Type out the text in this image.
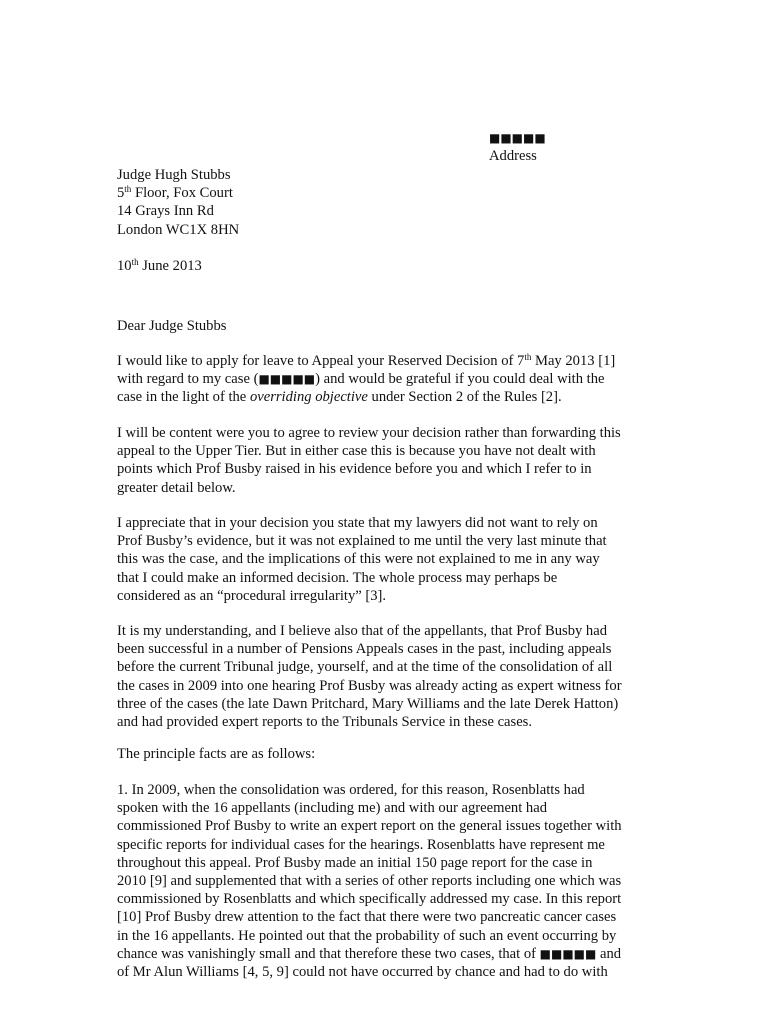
■■■■■
Address

Judge Hugh Stubbs

5th Floor, Fox Court

14 Grays Inn Rd

London WC1X 8HN

10th June 2013

Dear Judge Stubbs

I would like to apply for leave to Appeal your Reserved Decision of 7th May 2013 [1]

with regard to my case (■■■■■) and would be grateful if you could deal with the

case in the light of the overriding objective under Section 2 of the Rules [2].

I will be content were you to agree to review your decision rather than forwarding this

appeal to the Upper Tier. But in either case this is because you have not dealt with

points which Prof Busby raised in his evidence before you and which I refer to in

greater detail below.

I appreciate that in your decision you state that my lawyers did not want to rely on

Prof Busby’s evidence, but it was not explained to me until the very last minute that

this was the case, and the implications of this were not explained to me in any way

that I could make an informed decision. The whole process may perhaps be

considered as an “procedural irregularity” [3].

It is my understanding, and I believe also that of the appellants, that Prof Busby had

been successful in a number of Pensions Appeals cases in the past, including appeals

before the current Tribunal judge, yourself, and at the time of the consolidation of all

the cases in 2009 into one hearing Prof Busby was already acting as expert witness for

three of the cases (the late Dawn Pritchard, Mary Williams and the late Derek Hatton)

and had provided expert reports to the Tribunals Service in these cases.

The principle facts are as follows:

1. In 2009, when the consolidation was ordered, for this reason, Rosenblatts had

spoken with the 16 appellants (including me) and with our agreement had

commissioned Prof Busby to write an expert report on the general issues together with

specific reports for individual cases for the hearings. Rosenblatts have represent me

throughout this appeal. Prof Busby made an initial 150 page report for the case in

2010 [9] and supplemented that with a series of other reports including one which was

commissioned by Rosenblatts and which specifically addressed my case. In this report

[10] Prof Busby drew attention to the fact that there were two pancreatic cancer cases

in the 16 appellants. He pointed out that the probability of such an event occurring by

chance was vanishingly small and that therefore these two cases, that of ■■■■■ and

of Mr Alun Williams [4, 5, 9] could not have occurred by chance and had to do with
